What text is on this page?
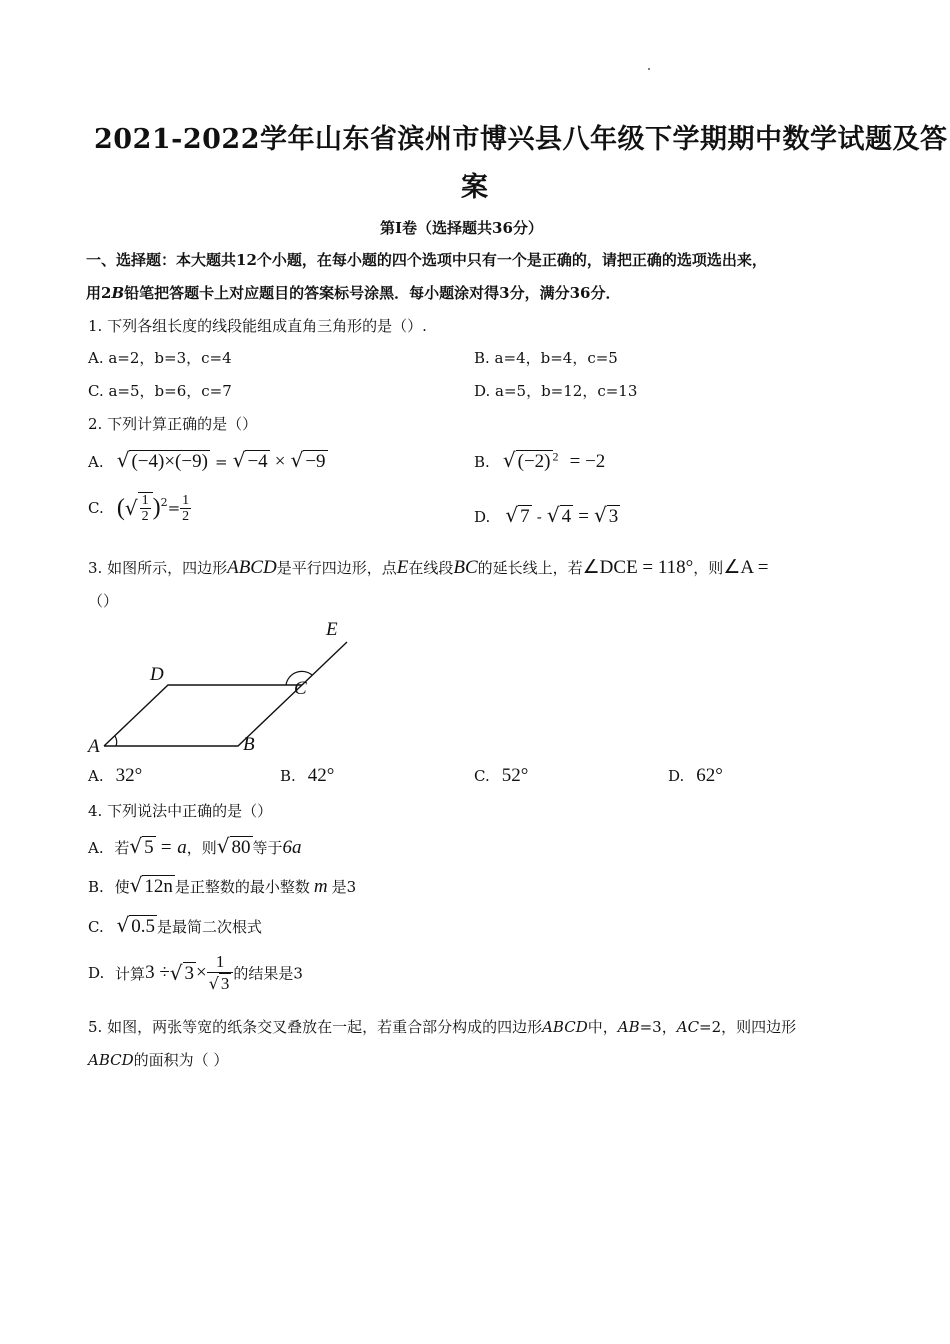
2021-2022学年山东省滨州市博兴县八年级下学期期中数学试题及答
案
第Ⅰ卷（选择题共36分）
一、选择题：本大题共12个小题，在每小题的四个选项中只有一个是正确的，请把正确的选项选出来，
用2B铅笔把答题卡上对应题目的答案标号涂黑．每小题涂对得3分，满分36分．
1. 下列各组长度的线段能组成直角三角形的是（）.
A. a=2，b=3，c=4	B. a=4，b=4，c=5
C. a=5，b=6，c=7	D. a=5，b=12，c=13
2. 下列计算正确的是（）
A. √ (−4)×(−9) = √ −4 × √ −9	B. √ (−2) $^2$ = −2
C. (√ $\frac{1}{2} )^2= \frac{1}{2}$	D. √ 7 - √ 4 = √ 3
3. 如图所示，四边形ABCD是平行四边形，点E在线段BC的延长线上，若∠DCE = 118°，则∠A =
（）
A	B
C
D
E
A. 32°	B. 42°	C. 52°	D. 62°
4. 下列说法中正确的是（）
A. 若√ 5 = a，则√ 80 等于6a
B. 使√ 12n 是正整数的最小整数 m 是3
C. √ 0.5 是最简二次根式
D. 计算3 ÷√ $3 \times \frac{1}{√ 3}$ 的结果是3
5. 如图，两张等宽的纸条交叉叠放在一起，若重合部分构成的四边形ABCD中，AB=3，AC=2，则四边形
ABCD的面积为（ ）
